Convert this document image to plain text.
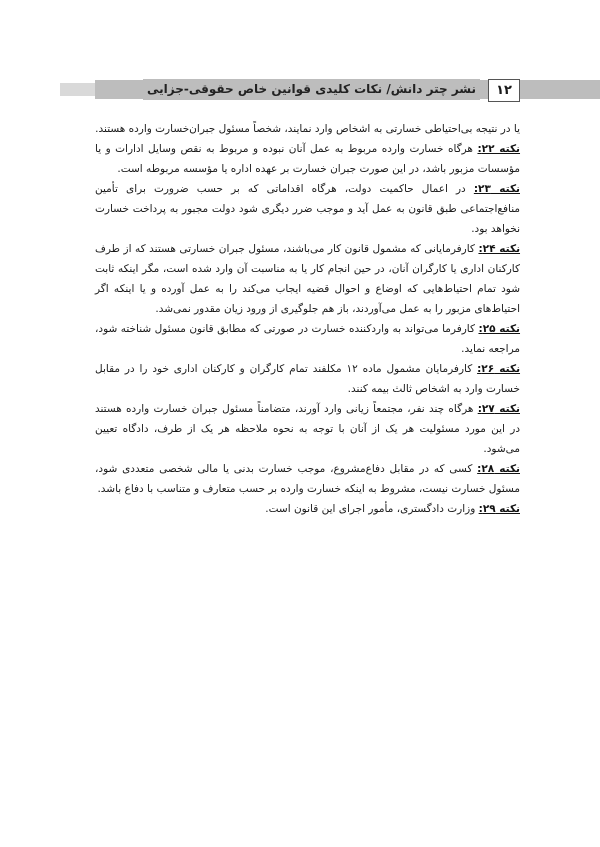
نشر چتر دانش/ نکات کلیدی قوانین خاص حقوقی-جزایی	١٢

یا در نتیجه بی‌احتیاطی خسارتی به اشخاص وارد نمایند، شخصاً مسئول جبران‌خسارت وارده هستند.

نکته ۲۲: هرگاه خسارت وارده مربوط به عمل آنان نبوده و مربوط به نقص وسایل ادارات و یا مؤسسات مزبور باشد، در این صورت جبران خسارت بر عهده اداره یا مؤسسه مربوطه است.

نکته ۲۳: در اعمال حاکمیت دولت، هرگاه اقداماتی که بر حسب ضرورت برای تأمین منافع‌اجتماعی طبق قانون به عمل آید و موجب ضرر دیگری شود دولت مجبور به پرداخت خسارت نخواهد بود.

نکته ۲۴: کارفرمایانی که مشمول قانون کار می‌باشند، مسئول جبران خسارتی هستند که از طرف کارکنان اداری یا کارگران آنان، در حین انجام کار یا به مناسبت آن وارد شده است، مگر اینکه ثابت شود تمام احتیاط‌هایی که اوضاع و احوال قضیه ایجاب می‌کند را به عمل آورده و یا اینکه اگر احتیاط‌های مزبور را به عمل می‌آوردند، باز هم جلوگیری از ورود زیان مقدور نمی‌شد.

نکته ۲۵: کارفرما می‌تواند به واردکننده خسارت در صورتی که مطابق قانون مسئول شناخته شود، مراجعه نماید.

نکته ۲۶: کارفرمایان مشمول ماده ۱۲ مکلفند تمام کارگران و کارکنان اداری خود را در مقابل خسارت وارد به اشخاص ثالث بیمه کنند.

نکته ۲۷: هرگاه چند نفر، مجتمعاً زیانی وارد آورند، متضامناً مسئول جبران خسارت وارده هستند در این مورد مسئولیت هر یک از آنان با توجه به نحوه ملاحظه هر یک از طرف، دادگاه تعیین می‌شود.

نکته ۲۸: کسی که در مقابل دفاع‌مشروع، موجب خسارت بدنی یا مالی شخصی متعددی شود، مسئول خسارت نیست، مشروط به اینکه خسارت وارده بر حسب متعارف و متناسب با دفاع باشد.

نکته ۲۹: وزارت دادگستری، مأمور اجرای این قانون است.
